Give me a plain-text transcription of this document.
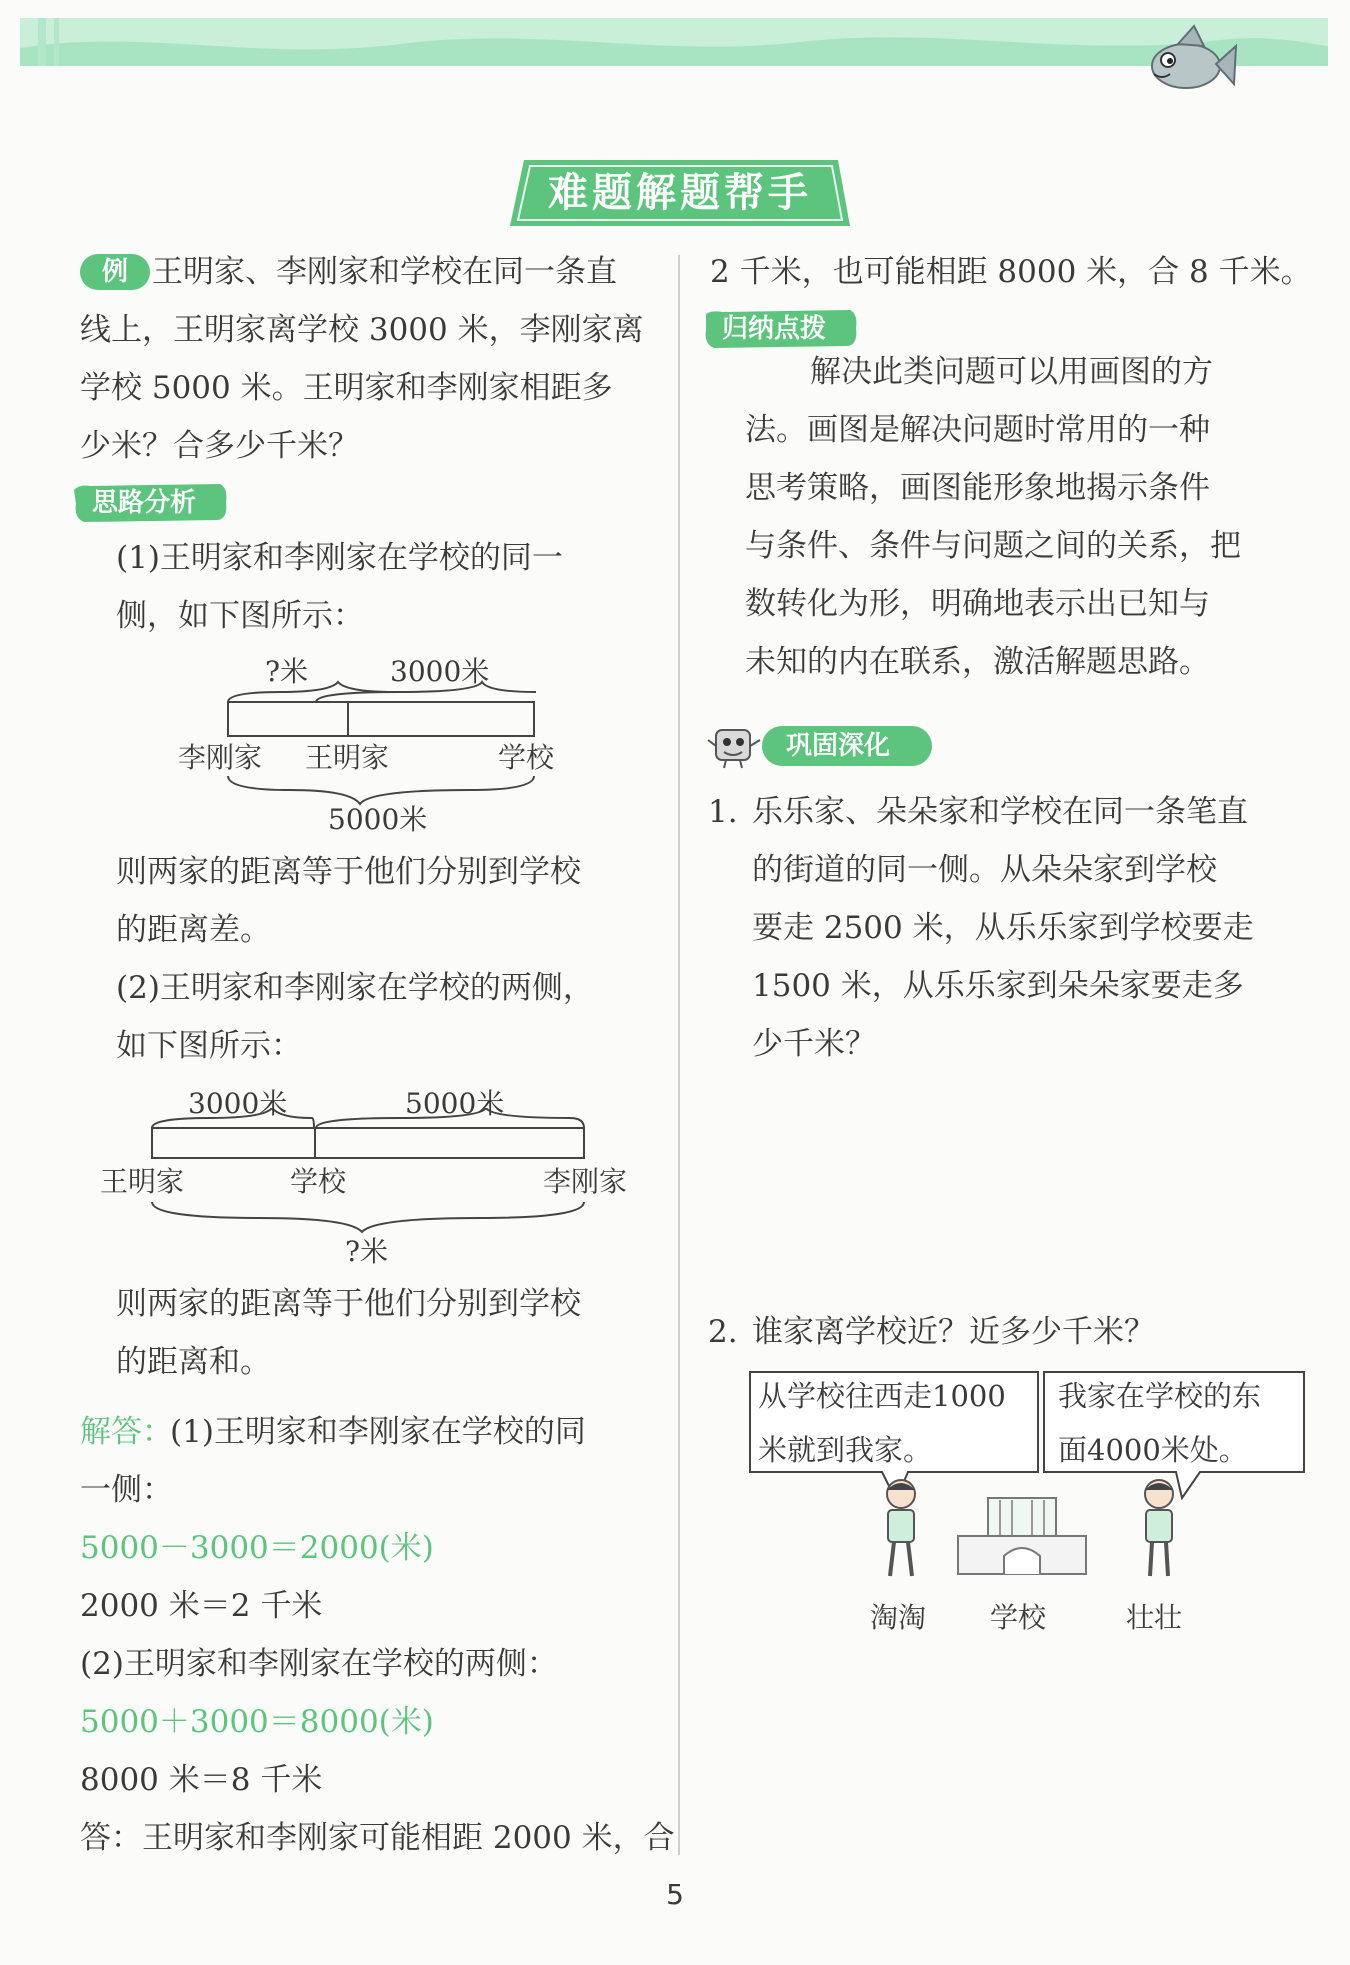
难题解题帮手
例 王明家、李刚家和学校在同一条直
线上，王明家离学校 3000 米，李刚家离
学校 5000 米。王明家和李刚家相距多
少米？合多少千米？
思路分析
(1)王明家和李刚家在学校的同一
侧，如下图所示：
?米	3000米
李刚家 王明家	学校
5000米
则两家的距离等于他们分别到学校
的距离差。
(2)王明家和李刚家在学校的两侧，
如下图所示：
3000米	5000米
王明家	学校	李刚家
?米
则两家的距离等于他们分别到学校
的距离和。
解答：
(1)王明家和李刚家在学校的同
一侧：
5000－3000＝2000(米)
2000 米＝2 千米
(2)王明家和李刚家在学校的两侧：
5000＋3000＝8000(米)
8000 米＝8 千米
答：王明家和李刚家可能相距 2000 米，合
2 千米，也可能相距 8000 米，合 8 千米。
归纳点拨
解决此类问题可以用画图的方
法。画图是解决问题时常用的一种
思考策略，画图能形象地揭示条件
与条件、条件与问题之间的关系，把
数转化为形，明确地表示出已知与
未知的内在联系，激活解题思路。
巩固深化
1. 乐乐家、朵朵家和学校在同一条笔直
的街道的同一侧。从朵朵家到学校
要走 2500 米，从乐乐家到学校要走
1500 米，从乐乐家到朵朵家要走多
少千米？
2. 谁家离学校近？近多少千米？
从学校往西走1000
米就到我家。
我家在学校的东
面4000米处。
淘淘 学校	壮壮
5
